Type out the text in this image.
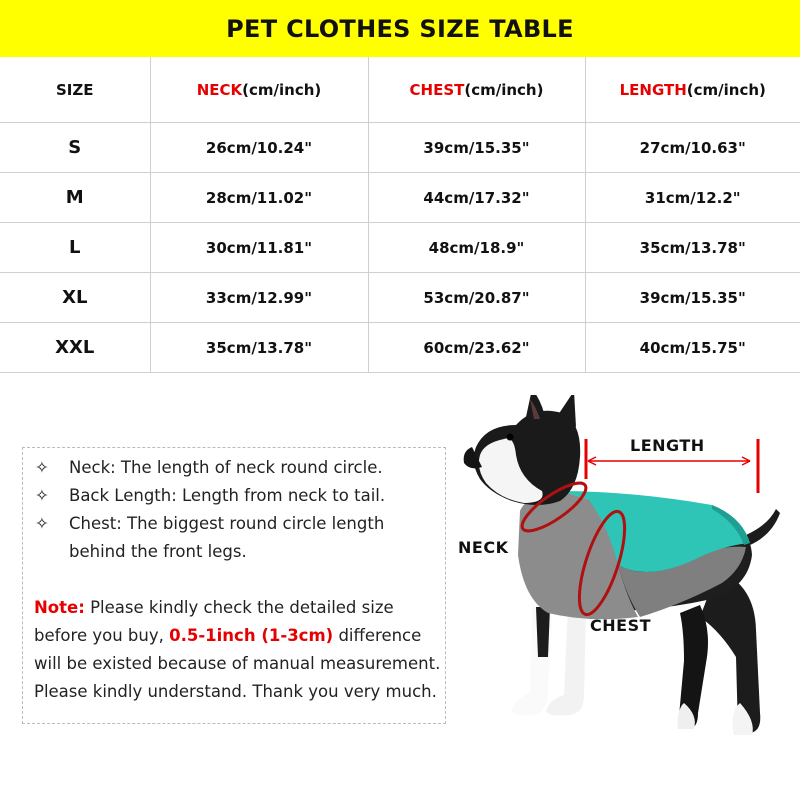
PET CLOTHES SIZE TABLE
SIZE	NECK(cm/inch)	CHEST(cm/inch)	LENGTH(cm/inch)
S	26cm/10.24"	39cm/15.35"	27cm/10.63"
M	28cm/11.02"	44cm/17.32"	31cm/12.2"
L	30cm/11.81"	48cm/18.9"	35cm/13.78"
XL	33cm/12.99"	53cm/20.87"	39cm/15.35"
XXL	35cm/13.78"	60cm/23.62"	40cm/15.75"
✧	Neck: The length of neck round circle.
✧	Back Length: Length from neck to tail.
✧	Chest: The biggest round circle length behind the front legs.
Note: Please kindly check the detailed size before you buy, 0.5-1inch (1-3cm) difference will be existed because of manual measurement. Please kindly understand. Thank you very much.
LENGTH
NECK
CHEST
